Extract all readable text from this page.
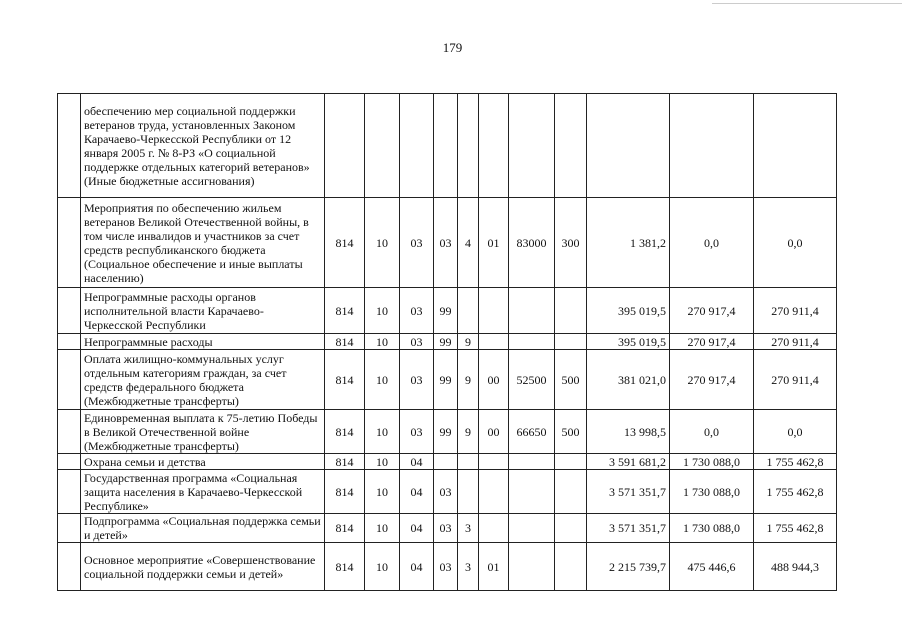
179
	обеспечению мер социальной поддержки ветеранов труда, установленных Законом Карачаево-Черкесской Республики от 12 января 2005 г. № 8-РЗ «О социальной поддержке отдельных категорий ветеранов» (Иные бюджетные ассигнования)											
	Мероприятия по обеспечению жильем ветеранов Великой Отечественной войны, в том числе инвалидов и участников за счет средств республиканского бюджета (Социальное обеспечение и иные выплаты населению)	814	10	03	03	4	01	83000	300	1 381,2	0,0	0,0
	Непрограммные расходы органов исполнительной власти Карачаево-Черкесской Республики	814	10	03	99					395 019,5	270 917,4	270 911,4
	Непрограммные расходы	814	10	03	99	9				395 019,5	270 917,4	270 911,4
	Оплата жилищно-коммунальных услуг отдельным категориям граждан, за счет средств федерального бюджета (Межбюджетные трансферты)	814	10	03	99	9	00	52500	500	381 021,0	270 917,4	270 911,4
	Единовременная выплата к 75-летию Победы в Великой Отечественной войне (Межбюджетные трансферты)	814	10	03	99	9	00	66650	500	13 998,5	0,0	0,0
	Охрана семьи и детства	814	10	04						3 591 681,2	1 730 088,0	1 755 462,8
	Государственная программа «Социальная защита населения в Карачаево-Черкесской Республике»	814	10	04	03					3 571 351,7	1 730 088,0	1 755 462,8
	Подпрограмма «Социальная поддержка семьи и детей»	814	10	04	03	3				3 571 351,7	1 730 088,0	1 755 462,8
	Основное мероприятие «Совершенствование социальной поддержки семьи и детей»	814	10	04	03	3	01			2 215 739,7	475 446,6	488 944,3
